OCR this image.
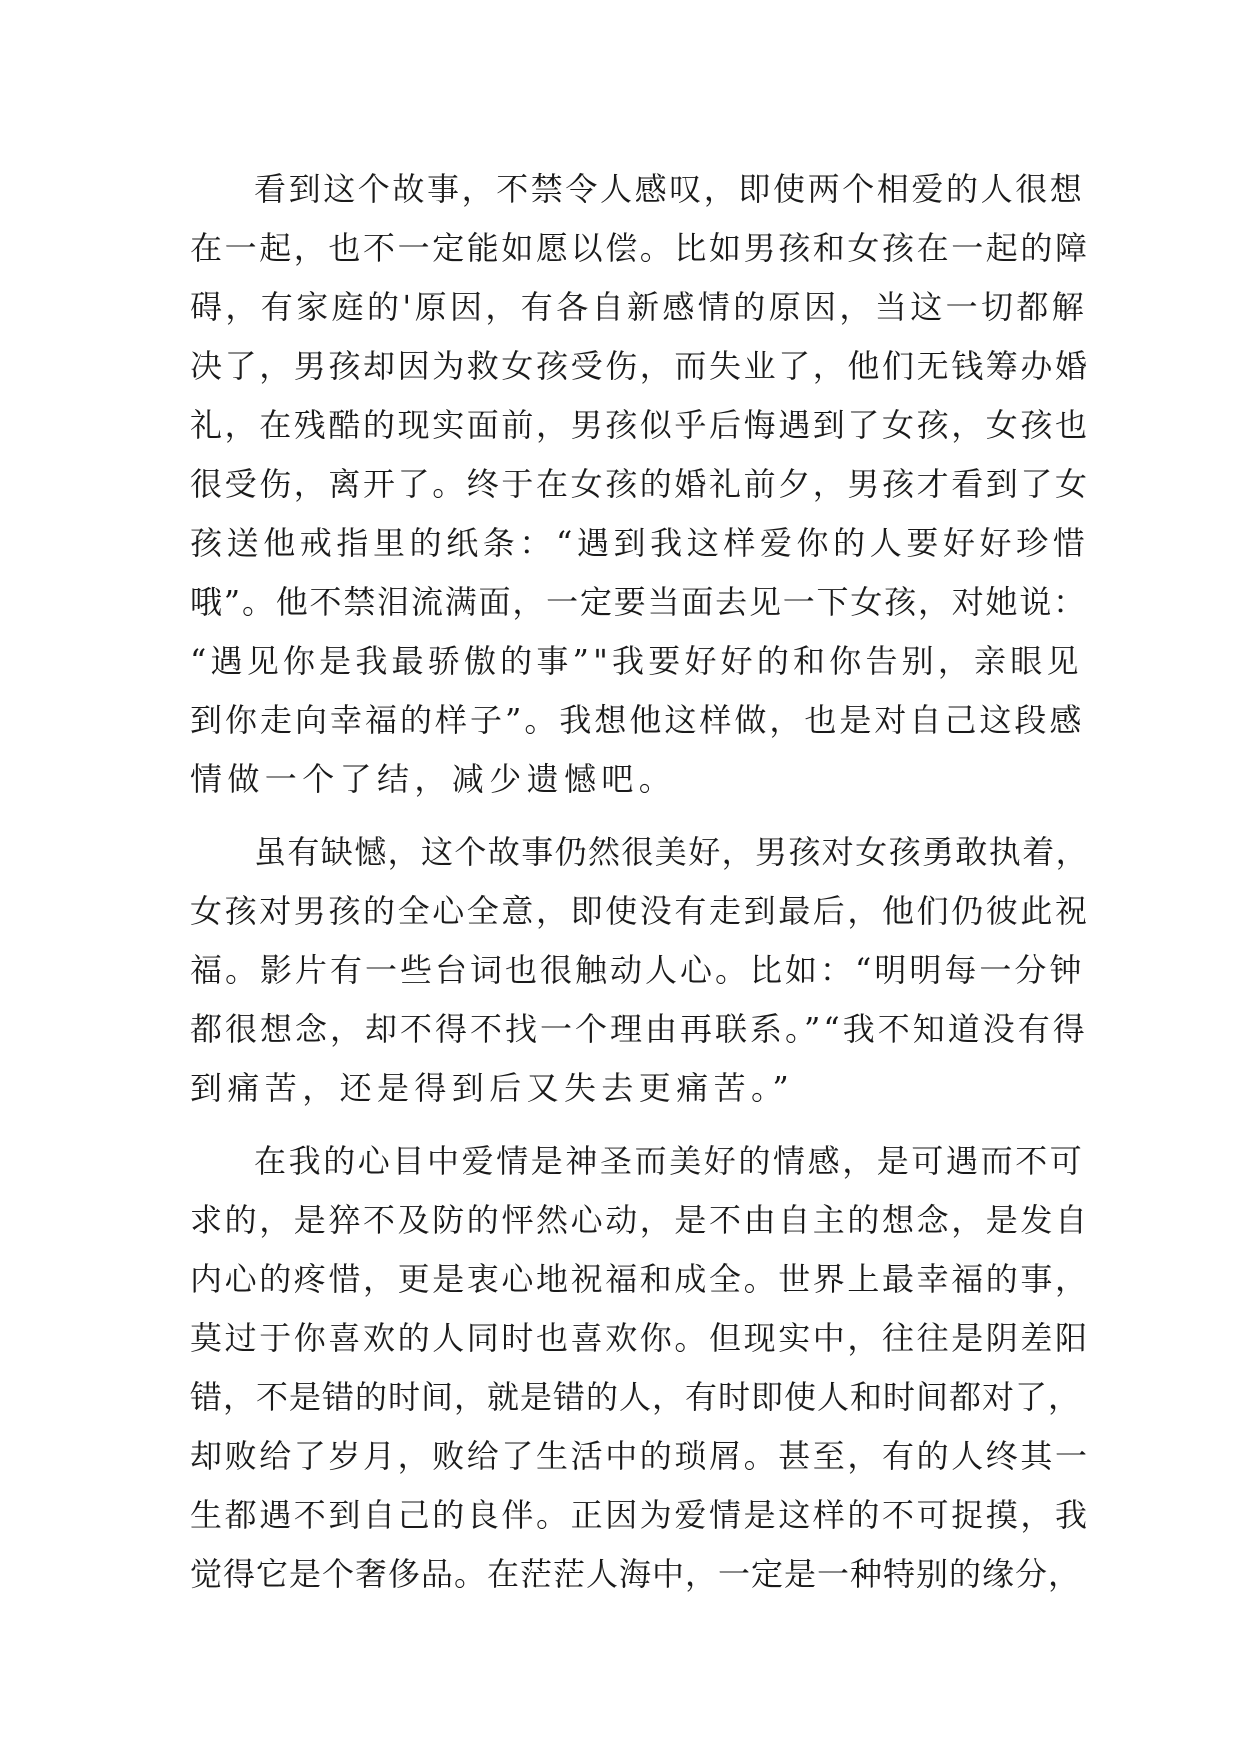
看到这个故事，不禁令人感叹，即使两个相爱的人很想
在一起，也不一定能如愿以偿。比如男孩和女孩在一起的障
碍，有家庭的'原因，有各自新感情的原因，当这一切都解
决了，男孩却因为救女孩受伤，而失业了，他们无钱筹办婚
礼，在残酷的现实面前，男孩似乎后悔遇到了女孩，女孩也
很受伤，离开了。终于在女孩的婚礼前夕，男孩才看到了女
孩送他戒指里的纸条：“遇到我这样爱你的人要好好珍惜
哦”。他不禁泪流满面，一定要当面去见一下女孩，对她说：
“遇见你是我最骄傲的事”"我要好好的和你告别，亲眼见
到你走向幸福的样子”。我想他这样做，也是对自己这段感
情做一个了结，减少遗憾吧。
虽有缺憾，这个故事仍然很美好，男孩对女孩勇敢执着，
女孩对男孩的全心全意，即使没有走到最后，他们仍彼此祝
福。影片有一些台词也很触动人心。比如：“明明每一分钟
都很想念，却不得不找一个理由再联系。”“我不知道没有得
到痛苦，还是得到后又失去更痛苦。”
在我的心目中爱情是神圣而美好的情感，是可遇而不可
求的，是猝不及防的怦然心动，是不由自主的想念，是发自
内心的疼惜，更是衷心地祝福和成全。世界上最幸福的事，
莫过于你喜欢的人同时也喜欢你。但现实中，往往是阴差阳
错，不是错的时间，就是错的人，有时即使人和时间都对了，
却败给了岁月，败给了生活中的琐屑。甚至，有的人终其一
生都遇不到自己的良伴。正因为爱情是这样的不可捉摸，我
觉得它是个奢侈品。在茫茫人海中，一定是一种特别的缘分，
